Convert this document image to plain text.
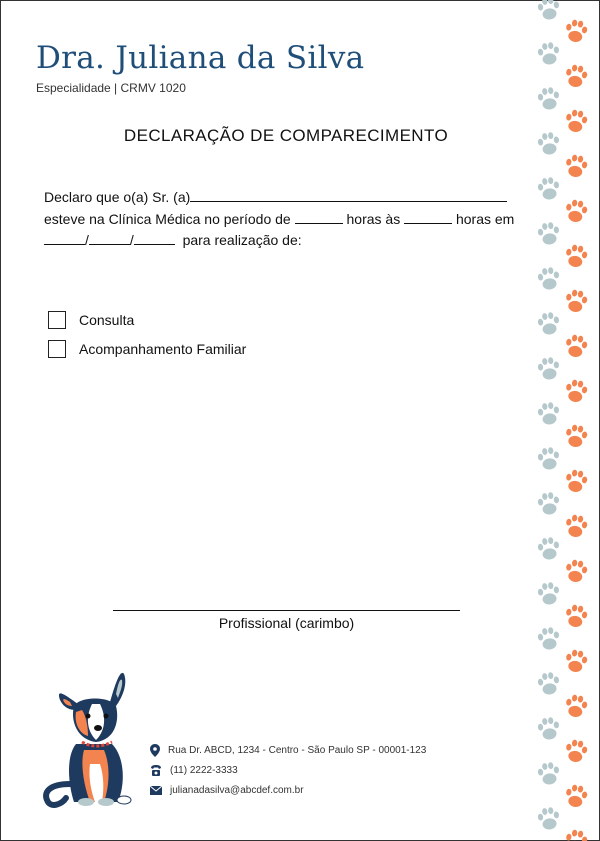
Dra. Juliana da Silva
Especialidade | CRMV 1020
DECLARAÇÃO DE COMPARECIMENTO
Declaro que o(a) Sr. (a)
esteve na Clínica Médica no período de	horas às	horas em
/	/	para realização de:
Consulta
Acompanhamento Familiar
Profissional (carimbo)
Rua Dr. ABCD, 1234 - Centro - São Paulo SP - 00001-123
(11) 2222-3333
julianadasilva@abcdef.com.br
